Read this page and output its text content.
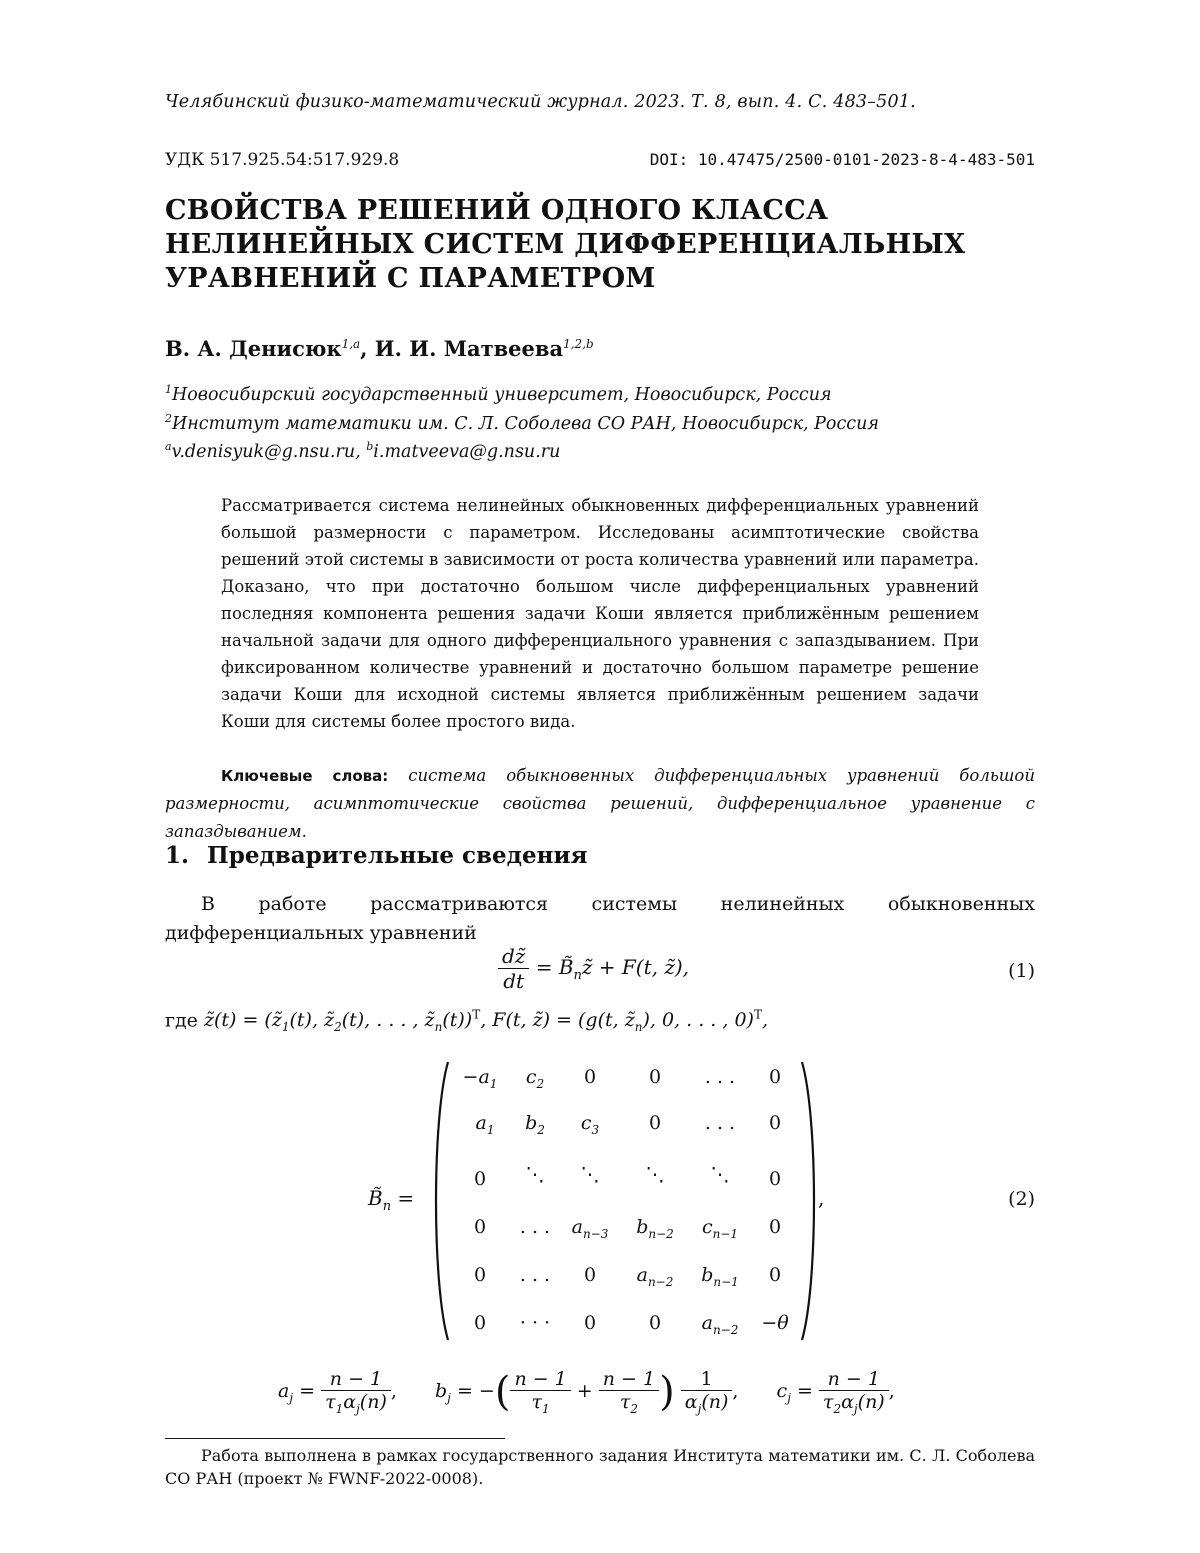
Челябинский физико-математический журнал. 2023. Т. 8, вып. 4. С. 483–501.
УДК 517.925.54:517.929.8	DOI: 10.47475/2500-0101-2023-8-4-483-501
СВОЙСТВА РЕШЕНИЙ ОДНОГО КЛАССА
НЕЛИНЕЙНЫХ СИСТЕМ ДИФФЕРЕНЦИАЛЬНЫХ
УРАВНЕНИЙ С ПАРАМЕТРОМ
В. А. Денисюк$^{1,a}$, И. И. Матвеева$^{1,2,b}$
$^1$Новосибирский государственный университет, Новосибирск, Россия
$^2$Институт математики им. С. Л. Соболева СО РАН, Новосибирск, Россия
$^a$v.denisyuk@g.nsu.ru, $^b$i.matveeva@g.nsu.ru
Рассматривается система нелинейных обыкновенных дифференциальных уравнений большой размерности с параметром. Исследованы асимптотические свойства решений этой системы в зависимости от роста количества уравнений или параметра. Доказано, что при достаточно большом числе дифференциальных уравнений последняя компонента решения задачи Коши является приближённым решением начальной задачи для одного дифференциального уравнения с запаздыванием. При фиксированном количестве уравнений и достаточно большом параметре решение задачи Коши для исходной системы является приближённым решением задачи Коши для системы более простого вида.
Ключевые слова: система обыкновенных дифференциальных уравнений большой размерности, асимптотические свойства решений, дифференциальное уравнение с запаздыванием.
1. Предварительные сведения
В работе рассматриваются системы нелинейных обыкновенных дифференциальных уравнений
$\frac{dz̃}{dt}$ = $B̃_nz̃ + F(t$, z̃),	(1)
где z̃(t) = ($z̃_1(t)$, $z̃_2(t)$, . . . , $z̃_n(t))^T$, F(t, z̃) = (g(t, $z̃_n$), 0, . . . , 0)$^T$,
$B̃_n$ =	,	(2)
$-a_1$	$c_2$	0	0	. . .	0
$a_1$	$b_2$	$c_3$	0	. . .	0
0	⋱	⋱	⋱	⋱	0
0	. . .	$a_{n-3}$	$b_{n-2}$	$c_{n-1}$	0
0	. . .	0	$a_{n-2}$	$b_{n-1}$	0
0	· · ·	0	0	$a_{n-2}$	−θ
$a_j = \frac{n - 1}{\tau_1\alpha_j(n)}$ , $b_j$ = −( $\frac{n - 1}{\tau_1} + \frac{n - 1}{\tau_2}$ ) $\frac{1}{\alpha_j(n)}$ , $c_j = \frac{n - 1}{\tau_2\alpha_j(n)}$ ,
Работа выполнена в рамках государственного задания Института математики им. С. Л. Соболева СО РАН (проект № FWNF-2022-0008).
